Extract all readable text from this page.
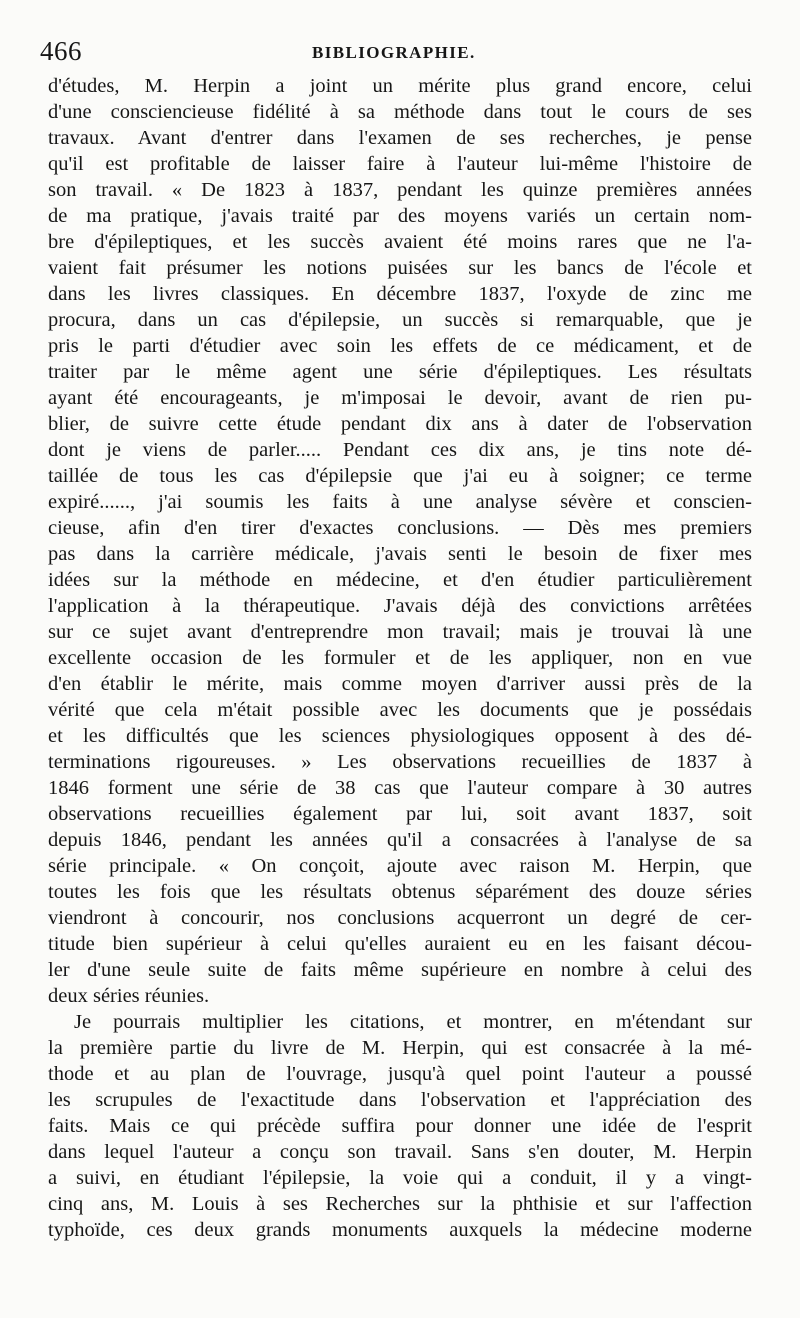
466	BIBLIOGRAPHIE.
d'études, M. Herpin a joint un mérite plus grand encore, celui
d'une consciencieuse fidélité à sa méthode dans tout le cours de ses
travaux. Avant d'entrer dans l'examen de ses recherches, je pense
qu'il est profitable de laisser faire à l'auteur lui-même l'histoire de
son travail. « De 1823 à 1837, pendant les quinze premières années
de ma pratique, j'avais traité par des moyens variés un certain nom-
bre d'épileptiques, et les succès avaient été moins rares que ne l'a-
vaient fait présumer les notions puisées sur les bancs de l'école et
dans les livres classiques. En décembre 1837, l'oxyde de zinc me
procura, dans un cas d'épilepsie, un succès si remarquable, que je
pris le parti d'étudier avec soin les effets de ce médicament, et de
traiter par le même agent une série d'épileptiques. Les résultats
ayant été encourageants, je m'imposai le devoir, avant de rien pu-
blier, de suivre cette étude pendant dix ans à dater de l'observation
dont je viens de parler..... Pendant ces dix ans, je tins note dé-
taillée de tous les cas d'épilepsie que j'ai eu à soigner; ce terme
expiré......, j'ai soumis les faits à une analyse sévère et conscien-
cieuse, afin d'en tirer d'exactes conclusions. — Dès mes premiers
pas dans la carrière médicale, j'avais senti le besoin de fixer mes
idées sur la méthode en médecine, et d'en étudier particulièrement
l'application à la thérapeutique. J'avais déjà des convictions arrêtées
sur ce sujet avant d'entreprendre mon travail; mais je trouvai là une
excellente occasion de les formuler et de les appliquer, non en vue
d'en établir le mérite, mais comme moyen d'arriver aussi près de la
vérité que cela m'était possible avec les documents que je possédais
et les difficultés que les sciences physiologiques opposent à des dé-
terminations rigoureuses. » Les observations recueillies de 1837 à
1846 forment une série de 38 cas que l'auteur compare à 30 autres
observations recueillies également par lui, soit avant 1837, soit
depuis 1846, pendant les années qu'il a consacrées à l'analyse de sa
série principale. « On conçoit, ajoute avec raison M. Herpin, que
toutes les fois que les résultats obtenus séparément des douze séries
viendront à concourir, nos conclusions acquerront un degré de cer-
titude bien supérieur à celui qu'elles auraient eu en les faisant décou-
ler d'une seule suite de faits même supérieure en nombre à celui des
deux séries réunies.
Je pourrais multiplier les citations, et montrer, en m'étendant sur
la première partie du livre de M. Herpin, qui est consacrée à la mé-
thode et au plan de l'ouvrage, jusqu'à quel point l'auteur a poussé
les scrupules de l'exactitude dans l'observation et l'appréciation des
faits. Mais ce qui précède suffira pour donner une idée de l'esprit
dans lequel l'auteur a conçu son travail. Sans s'en douter, M. Herpin
a suivi, en étudiant l'épilepsie, la voie qui a conduit, il y a vingt-
cinq ans, M. Louis à ses Recherches sur la phthisie et sur l'affection
typhoïde, ces deux grands monuments auxquels la médecine moderne
